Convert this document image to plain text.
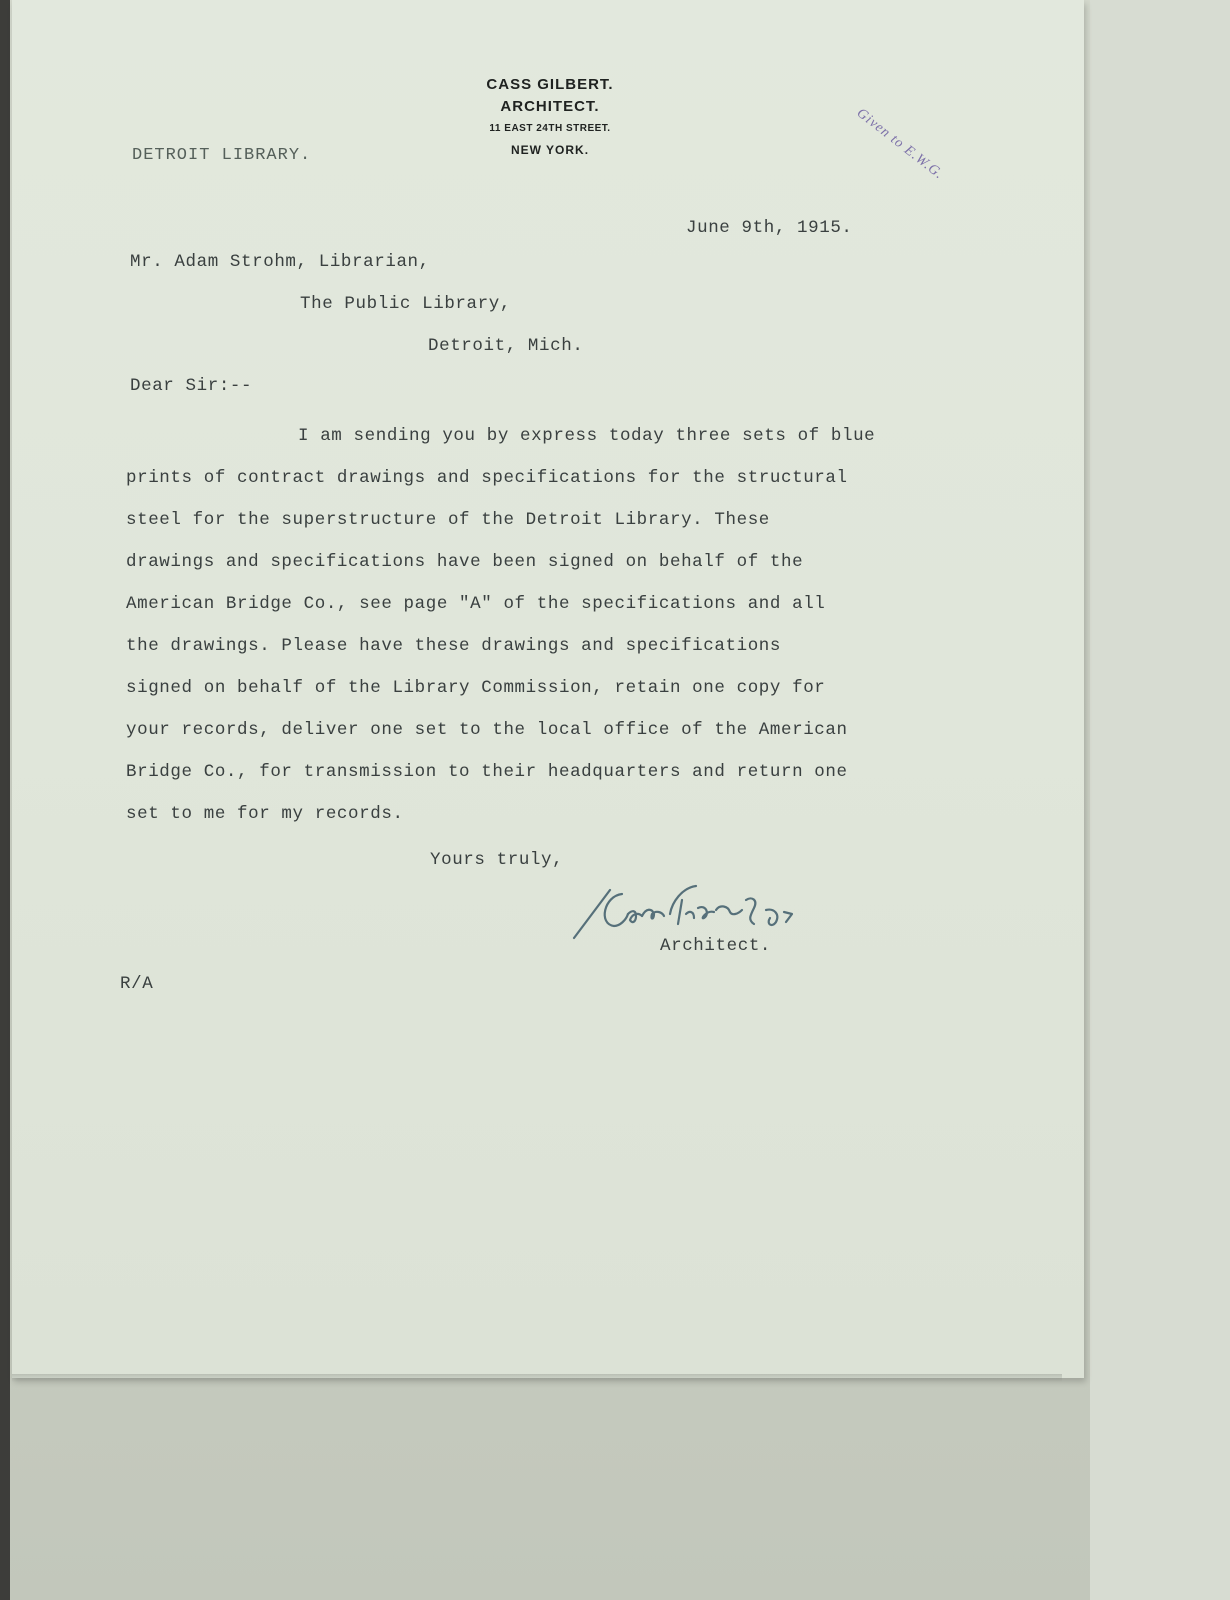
CASS GILBERT.
ARCHITECT.
11 EAST 24TH STREET.
NEW YORK.
DETROIT LIBRARY.	Given to E.W.G.
June 9th, 1915.
Mr. Adam Strohm, Librarian,
The Public Library,
Detroit, Mich.
Dear Sir:--
I am sending you by express today three sets of blue
prints of contract drawings and specifications for the structural
steel for the superstructure of the Detroit Library. These
drawings and specifications have been signed on behalf of the
American Bridge Co., see page "A" of the specifications and all
the drawings. Please have these drawings and specifications
signed on behalf of the Library Commission, retain one copy for
your records, deliver one set to the local office of the American
Bridge Co., for transmission to their headquarters and return one
set to me for my records.
Yours truly,
Architect.
R/A
